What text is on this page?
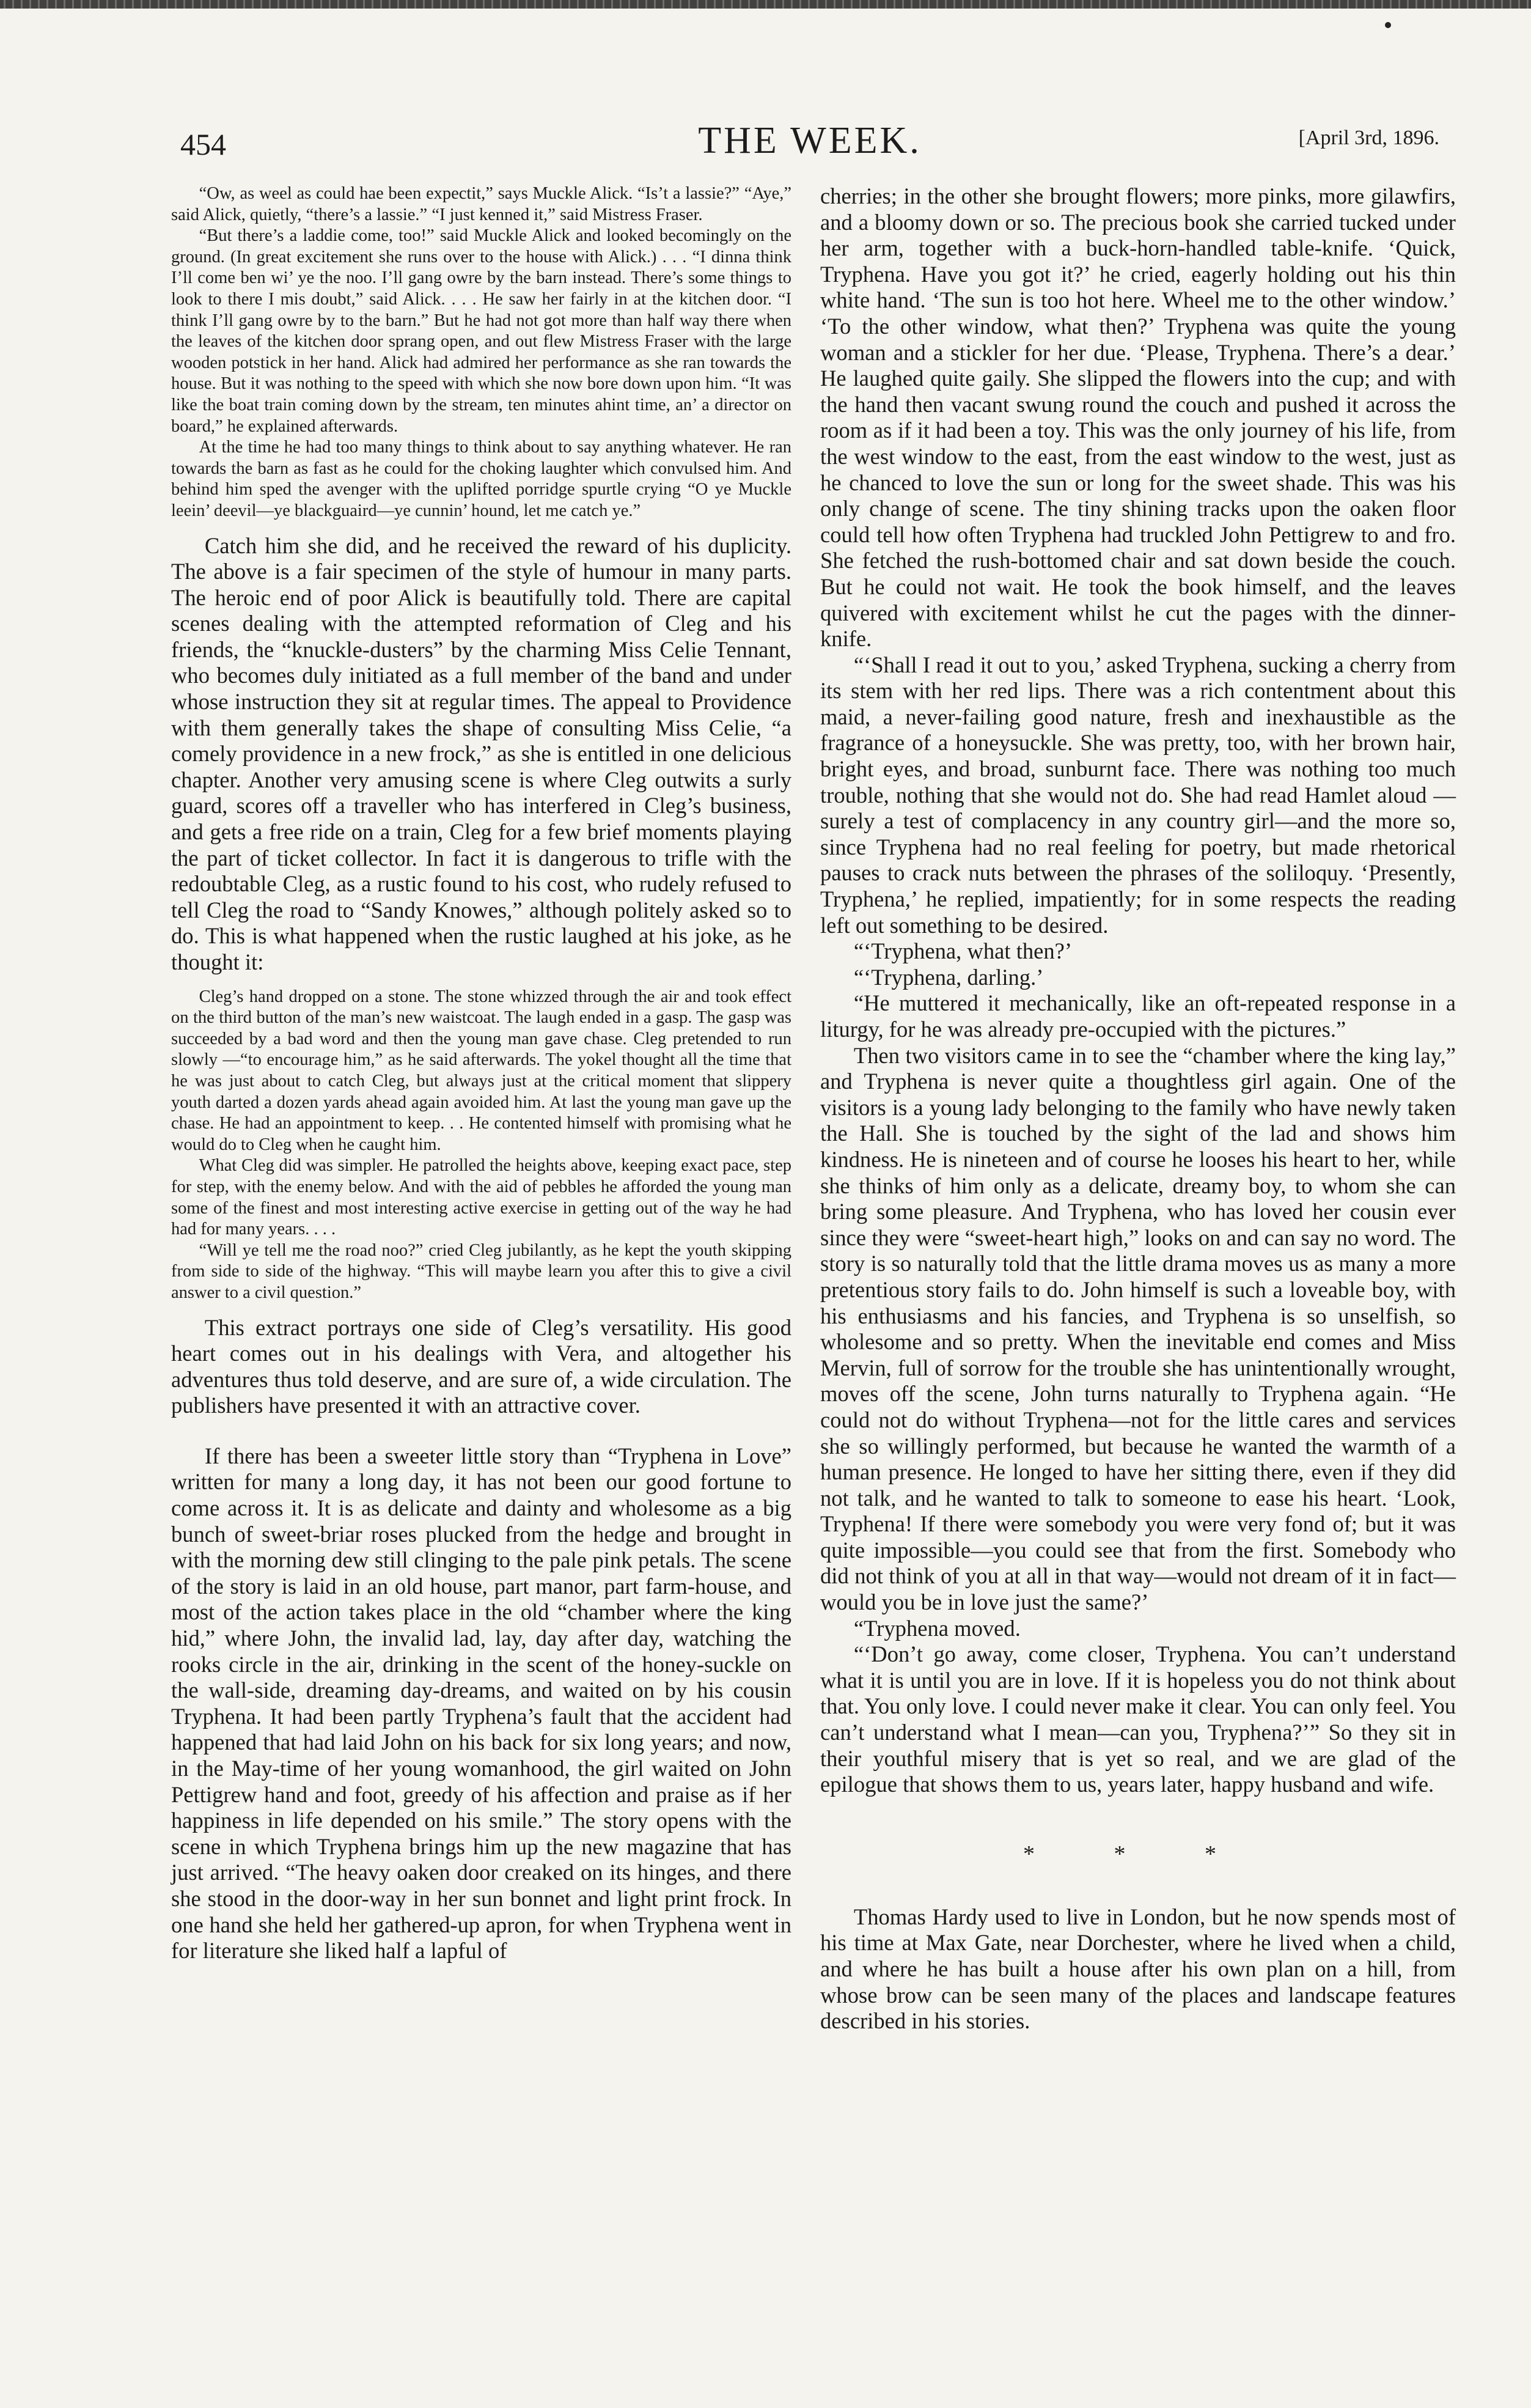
454	THE WEEK.	[April 3rd, 1896.

“Ow, as weel as could hae been expectit,” says Muckle Alick. “Is’t a lassie?” “Aye,” said Alick, quietly, “there’s a lassie.” “I just kenned it,” said Mistress Fraser.

“But there’s a laddie come, too!” said Muckle Alick and looked becomingly on the ground. (In great excitement she runs over to the house with Alick.) . . . “I dinna think I’ll come ben wi’ ye the noo. I’ll gang owre by the barn instead. There’s some things to look to there I mis doubt,” said Alick. . . . He saw her fairly in at the kitchen door. “I think I’ll gang owre by to the barn.” But he had not got more than half way there when the leaves of the kitchen door sprang open, and out flew Mistress Fraser with the large wooden potstick in her hand. Alick had admired her performance as she ran towards the house. But it was nothing to the speed with which she now bore down upon him. “It was like the boat train coming down by the stream, ten minutes ahint time, an’ a director on board,” he explained afterwards.

At the time he had too many things to think about to say anything whatever. He ran towards the barn as fast as he could for the choking laughter which convulsed him. And behind him sped the avenger with the uplifted porridge spurtle crying “O ye Muckle leein’ deevil—ye blackguaird—ye cunnin’ hound, let me catch ye.”

Catch him she did, and he received the reward of his duplicity. The above is a fair specimen of the style of humour in many parts. The heroic end of poor Alick is beautifully told. There are capital scenes dealing with the attempted reformation of Cleg and his friends, the “knuckle-dusters” by the charming Miss Celie Tennant, who becomes duly initiated as a full member of the band and under whose instruction they sit at regular times. The appeal to Providence with them generally takes the shape of consulting Miss Celie, “a comely providence in a new frock,” as she is entitled in one delicious chapter. Another very amusing scene is where Cleg outwits a surly guard, scores off a traveller who has interfered in Cleg’s business, and gets a free ride on a train, Cleg for a few brief moments playing the part of ticket collector. In fact it is dangerous to trifle with the redoubtable Cleg, as a rustic found to his cost, who rudely refused to tell Cleg the road to “Sandy Knowes,” although politely asked so to do. This is what happened when the rustic laughed at his joke, as he thought it:

Cleg’s hand dropped on a stone. The stone whizzed through the air and took effect on the third button of the man’s new waistcoat. The laugh ended in a gasp. The gasp was succeeded by a bad word and then the young man gave chase. Cleg pretended to run slowly —“to encourage him,” as he said afterwards. The yokel thought all the time that he was just about to catch Cleg, but always just at the critical moment that slippery youth darted a dozen yards ahead again avoided him. At last the young man gave up the chase. He had an appointment to keep. . . He contented himself with promising what he would do to Cleg when he caught him.

What Cleg did was simpler. He patrolled the heights above, keeping exact pace, step for step, with the enemy below. And with the aid of pebbles he afforded the young man some of the finest and most interesting active exercise in getting out of the way he had had for many years. . . .

“Will ye tell me the road noo?” cried Cleg jubilantly, as he kept the youth skipping from side to side of the highway. “This will maybe learn you after this to give a civil answer to a civil question.”

This extract portrays one side of Cleg’s versatility. His good heart comes out in his dealings with Vera, and altogether his adventures thus told deserve, and are sure of, a wide circulation. The publishers have presented it with an attractive cover.

If there has been a sweeter little story than “Tryphena in Love” written for many a long day, it has not been our good fortune to come across it. It is as delicate and dainty and wholesome as a big bunch of sweet-briar roses plucked from the hedge and brought in with the morning dew still clinging to the pale pink petals. The scene of the story is laid in an old house, part manor, part farm-house, and most of the action takes place in the old “chamber where the king hid,” where John, the invalid lad, lay, day after day, watching the rooks circle in the air, drinking in the scent of the honey-suckle on the wall-side, dreaming day-dreams, and waited on by his cousin Tryphena. It had been partly Tryphena’s fault that the accident had happened that had laid John on his back for six long years; and now, in the May-time of her young womanhood, the girl waited on John Pettigrew hand and foot, greedy of his affection and praise as if her happiness in life depended on his smile.” The story opens with the scene in which Tryphena brings him up the new magazine that has just arrived. “The heavy oaken door creaked on its hinges, and there she stood in the door-way in her sun bonnet and light print frock. In one hand she held her gathered-up apron, for when Tryphena went in for literature she liked half a lapful of

cherries; in the other she brought flowers; more pinks, more gilawfirs, and a bloomy down or so. The precious book she carried tucked under her arm, together with a buck-horn-handled table-knife. ‘Quick, Tryphena. Have you got it?’ he cried, eagerly holding out his thin white hand. ‘The sun is too hot here. Wheel me to the other window.’ ‘To the other window, what then?’ Tryphena was quite the young woman and a stickler for her due. ‘Please, Tryphena. There’s a dear.’ He laughed quite gaily. She slipped the flowers into the cup; and with the hand then vacant swung round the couch and pushed it across the room as if it had been a toy. This was the only journey of his life, from the west window to the east, from the east window to the west, just as he chanced to love the sun or long for the sweet shade. This was his only change of scene. The tiny shining tracks upon the oaken floor could tell how often Tryphena had truckled John Pettigrew to and fro. She fetched the rush-bottomed chair and sat down beside the couch. But he could not wait. He took the book himself, and the leaves quivered with excitement whilst he cut the pages with the dinner-knife.

“‘Shall I read it out to you,’ asked Tryphena, sucking a cherry from its stem with her red lips. There was a rich contentment about this maid, a never-failing good nature, fresh and inexhaustible as the fragrance of a honeysuckle. She was pretty, too, with her brown hair, bright eyes, and broad, sunburnt face. There was nothing too much trouble, nothing that she would not do. She had read Hamlet aloud —surely a test of complacency in any country girl—and the more so, since Tryphena had no real feeling for poetry, but made rhetorical pauses to crack nuts between the phrases of the soliloquy. ‘Presently, Tryphena,’ he replied, impatiently; for in some respects the reading left out something to be desired.

“‘Tryphena, what then?’

“‘Tryphena, darling.’

“He muttered it mechanically, like an oft-repeated response in a liturgy, for he was already pre-occupied with the pictures.”

Then two visitors came in to see the “chamber where the king lay,” and Tryphena is never quite a thoughtless girl again. One of the visitors is a young lady belonging to the family who have newly taken the Hall. She is touched by the sight of the lad and shows him kindness. He is nineteen and of course he looses his heart to her, while she thinks of him only as a delicate, dreamy boy, to whom she can bring some pleasure. And Tryphena, who has loved her cousin ever since they were “sweet-heart high,” looks on and can say no word. The story is so naturally told that the little drama moves us as many a more pretentious story fails to do. John himself is such a loveable boy, with his enthusiasms and his fancies, and Tryphena is so unselfish, so wholesome and so pretty. When the inevitable end comes and Miss Mervin, full of sorrow for the trouble she has unintentionally wrought, moves off the scene, John turns naturally to Tryphena again. “He could not do without Tryphena—not for the little cares and services she so willingly performed, but because he wanted the warmth of a human presence. He longed to have her sitting there, even if they did not talk, and he wanted to talk to someone to ease his heart. ‘Look, Tryphena! If there were somebody you were very fond of; but it was quite impossible—you could see that from the first. Somebody who did not think of you at all in that way—would not dream of it in fact—would you be in love just the same?’

“Tryphena moved.

“‘Don’t go away, come closer, Tryphena. You can’t understand what it is until you are in love. If it is hopeless you do not think about that. You only love. I could never make it clear. You can only feel. You can’t understand what I mean—can you, Tryphena?’” So they sit in their youthful misery that is yet so real, and we are glad of the epilogue that shows them to us, years later, happy husband and wife.

* * *

Thomas Hardy used to live in London, but he now spends most of his time at Max Gate, near Dorchester, where he lived when a child, and where he has built a house after his own plan on a hill, from whose brow can be seen many of the places and landscape features described in his stories.
